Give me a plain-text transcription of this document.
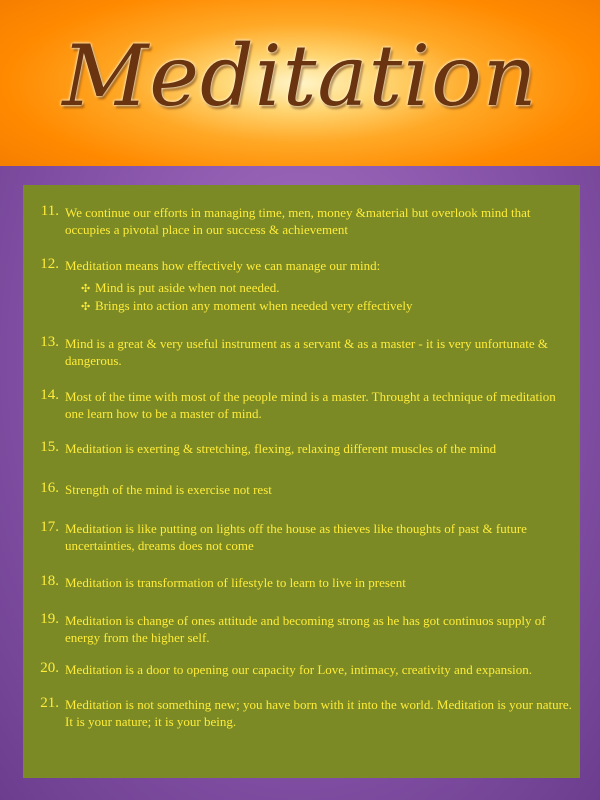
Meditation
11. We continue our efforts in managing time, men, money &material but overlook mind that occupies a pivotal place in our success & achievement
12. Meditation means how effectively we can manage our mind:
✣ Mind is put aside when not needed.
✣ Brings into action any moment when needed very effectively
13. Mind is a great & very useful instrument as a servant & as a master - it is very unfortunate & dangerous.
14. Most of the time with most of the people mind is a master. Throught a technique of meditation one learn how to be a master of mind.
15. Meditation is exerting & stretching, flexing, relaxing different muscles of the mind
16. Strength of the mind is exercise not rest
17. Meditation is like putting on lights off the house as thieves like thoughts of past & future uncertainties, dreams does not come
18. Meditation is transformation of lifestyle to learn to live in present
19. Meditation is change of ones attitude and becoming strong as he has got continuos supply of energy from the higher self.
20. Meditation is a door to opening our capacity for Love, intimacy, creativity and expansion.
21. Meditation is not something new; you have born with it into the world. Meditation is your nature. It is your nature; it is your being.
